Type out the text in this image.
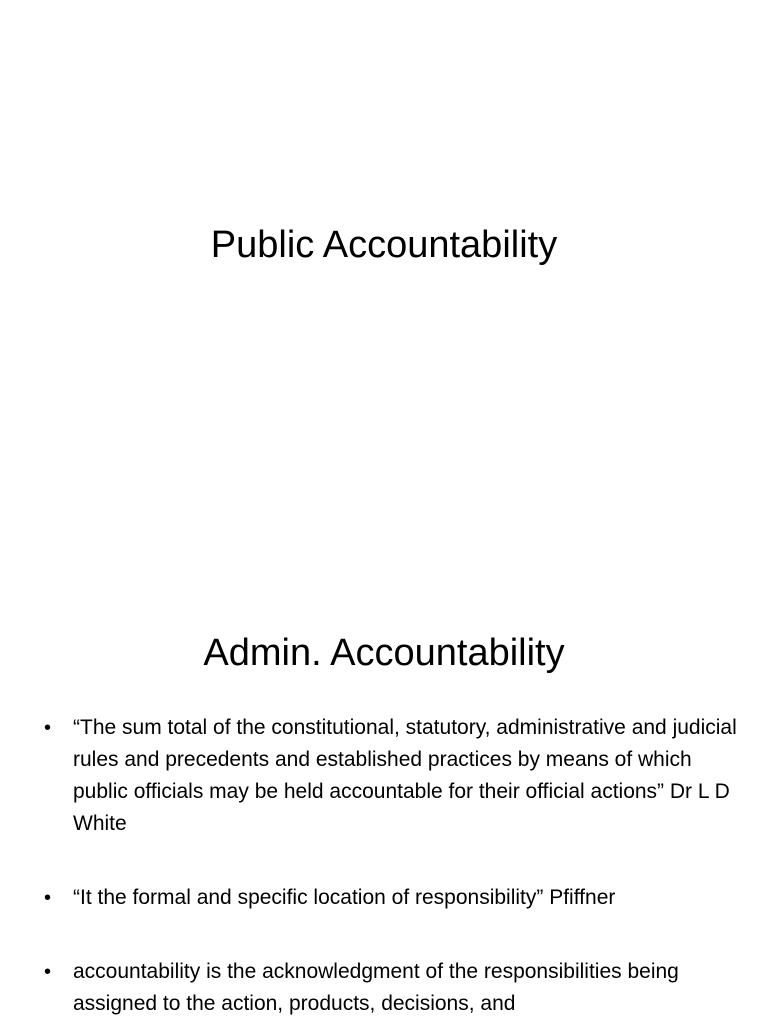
Public Accountability
Admin. Accountability
• “The sum total of the constitutional, statutory, administrative and judicial rules and precedents and established practices by means of which public officials may be held accountable for their official actions” Dr L D White
• “It the formal and specific location of responsibility” Pfiffner
• accountability is the acknowledgment of the responsibilities being assigned to the action, products, decisions, and
